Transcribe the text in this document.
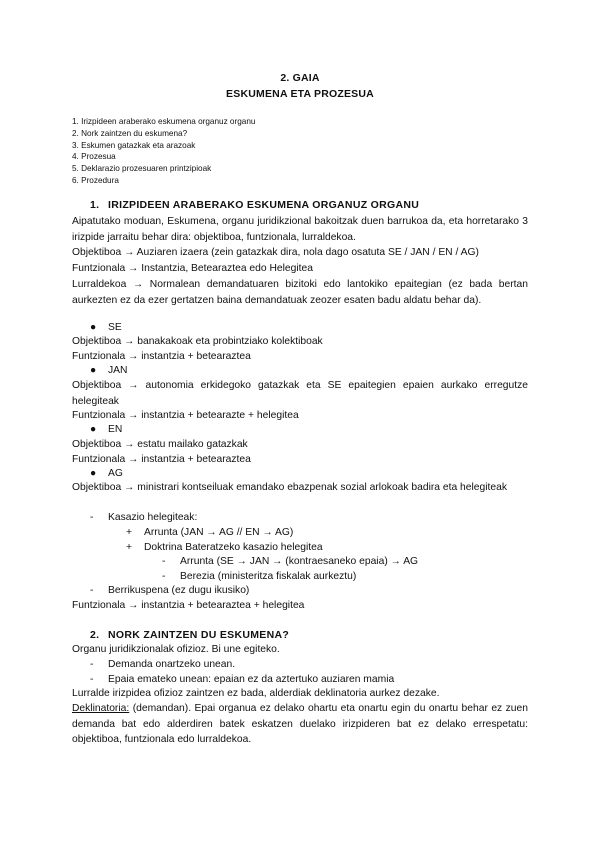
2. GAIA
ESKUMENA ETA PROZESUA
1. Irizpideen araberako eskumena organuz organu
2. Nork zaintzen du eskumena?
3. Eskumen gatazkak eta arazoak
4. Prozesua
5. Deklarazio prozesuaren printzipioak
6. Prozedura
1. IRIZPIDEEN ARABERAKO ESKUMENA ORGANUZ ORGANU
Aipatutako moduan, Eskumena, organu juridikzional bakoitzak duen barrukoa da, eta horretarako 3 irizpide jarraitu behar dira: objektiboa, funtzionala, lurraldekoa.
Objektiboa → Auziaren izaera (zein gatazkak dira, nola dago osatuta SE / JAN / EN / AG)
Funtzionala → Instantzia, Betearaztea edo Helegitea
Lurraldekoa → Normalean demandatuaren bizitoki edo lantokiko epaitegian (ez bada bertan aurkezten ez da ezer gertatzen baina demandatuak zeozer esaten badu aldatu behar da).
● SE
Objektiboa → banakakoak eta probintziako kolektiboak
Funtzionala → instantzia + betearaztea
● JAN
Objektiboa → autonomia erkidegoko gatazkak eta SE epaitegien epaien aurkako erregutze helegiteak
Funtzionala → instantzia + betearazte + helegitea
● EN
Objektiboa → estatu mailako gatazkak
Funtzionala → instantzia + betearaztea
● AG
Objektiboa → ministrari kontseiluak emandako ebazpenak sozial arlokoak badira eta helegiteak
- Kasazio helegiteak:
+ Arrunta (JAN → AG // EN → AG)
+ Doktrina Bateratzeko kasazio helegitea
- Arrunta (SE → JAN → (kontraesaneko epaia) → AG
- Berezia (ministeritza fiskalak aurkeztu)
- Berrikuspena (ez dugu ikusiko)
Funtzionala → instantzia + betearaztea + helegitea
2. NORK ZAINTZEN DU ESKUMENA?
Organu juridikzionalak ofizioz. Bi une egiteko.
- Demanda onartzeko unean.
- Epaia emateko unean: epaian ez da aztertuko auziaren mamia
Lurralde irizpidea ofizioz zaintzen ez bada, alderdiak deklinatoria aurkez dezake.
Deklinatoria: (demandan). Epai organua ez delako ohartu eta onartu egin du onartu behar ez zuen demanda bat edo alderdiren batek eskatzen duelako irizpideren bat ez delako errespetatu: objektiboa, funtzionala edo lurraldekoa.
